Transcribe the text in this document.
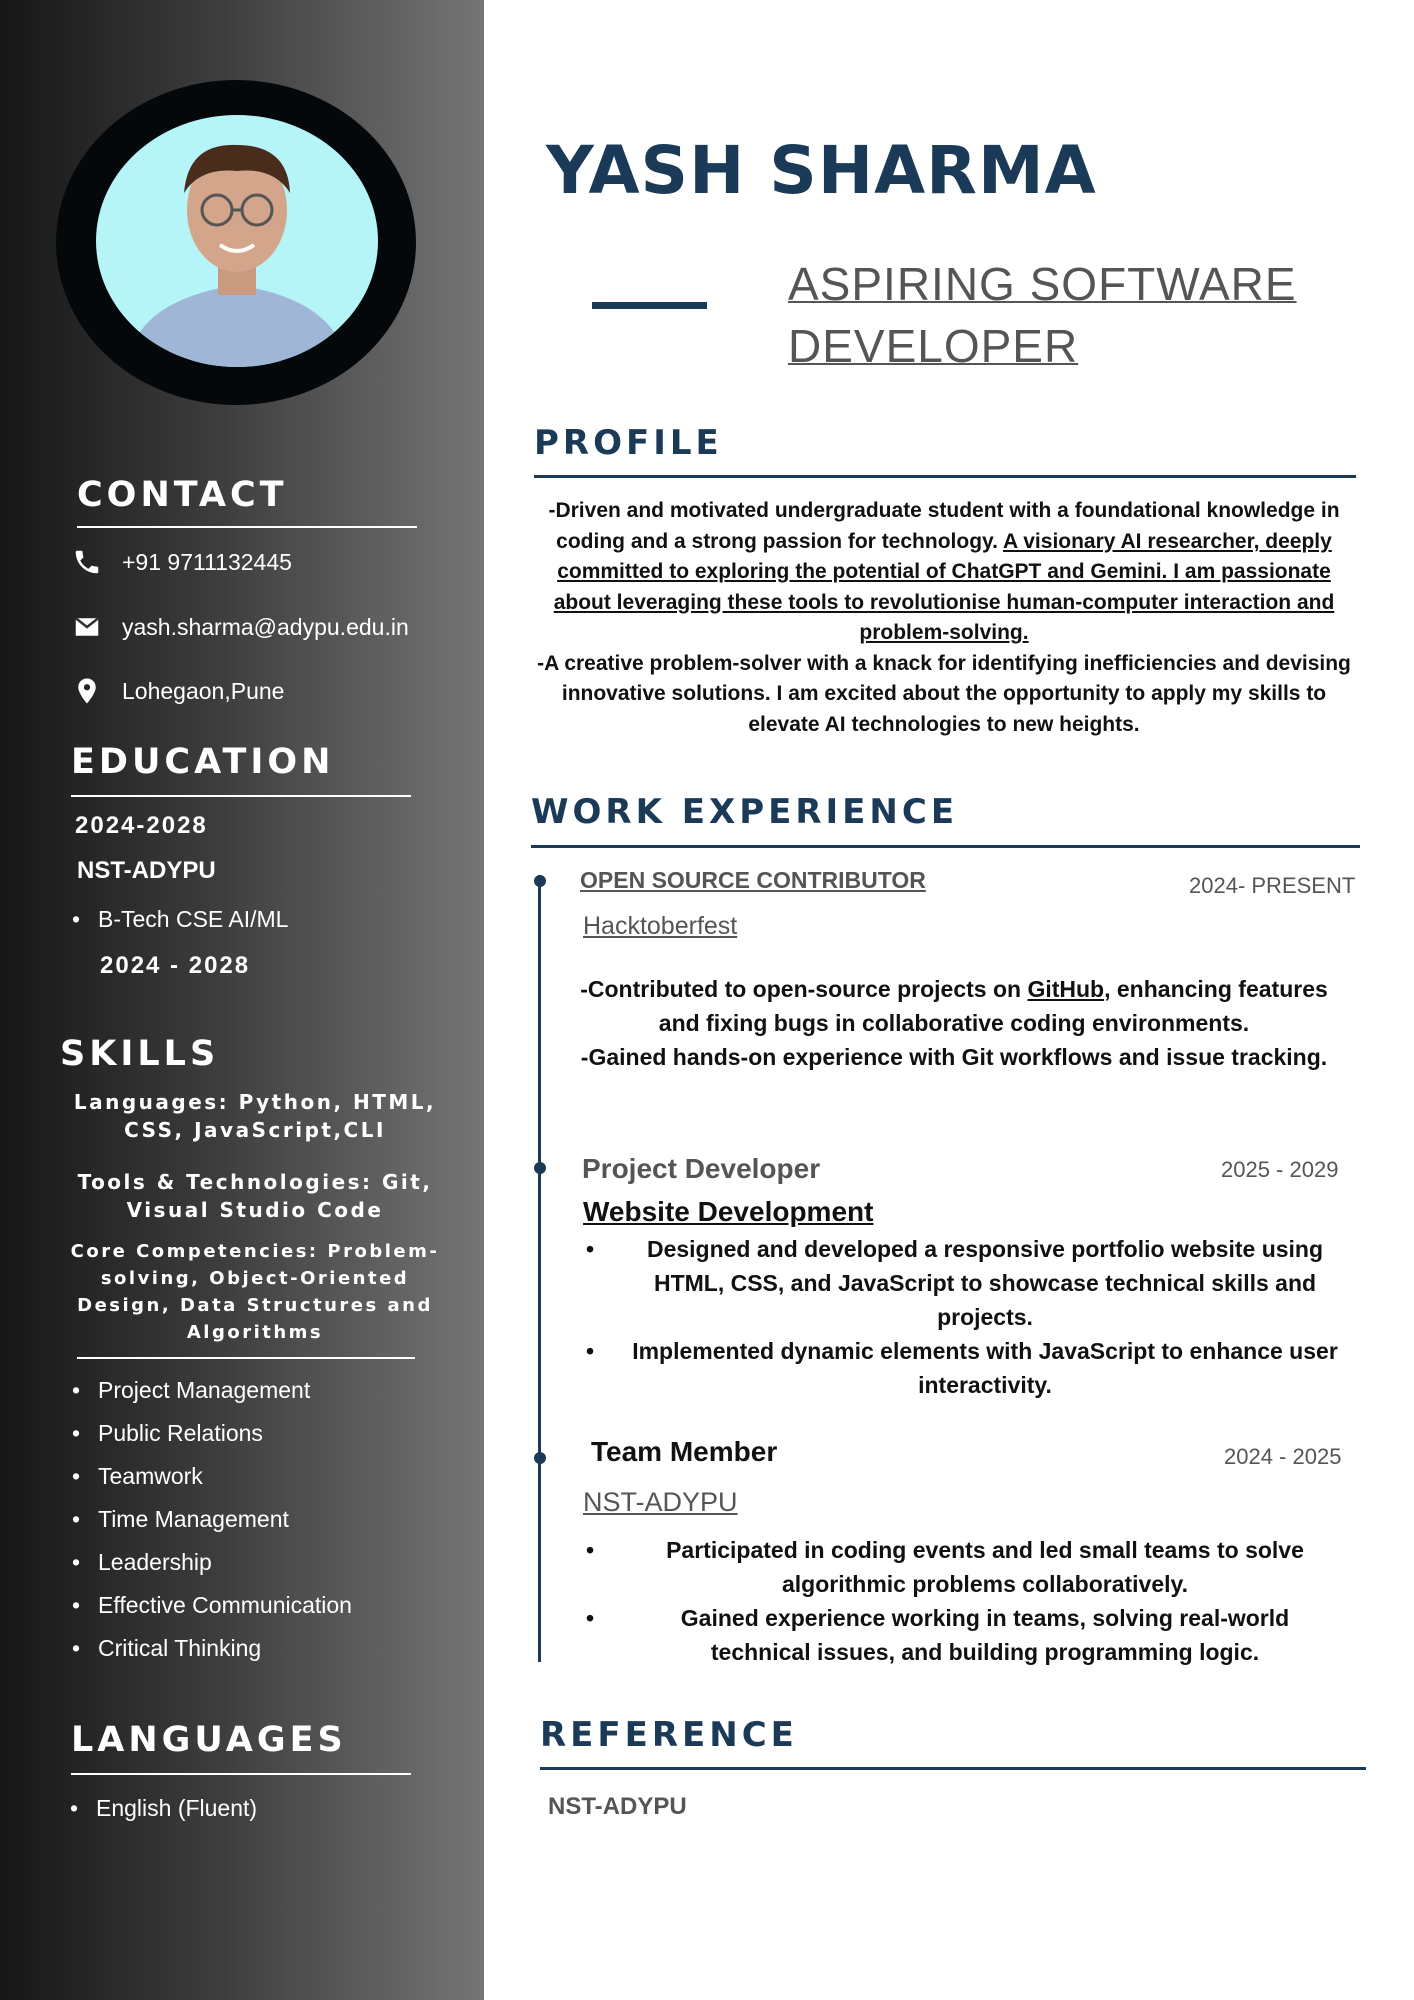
CONTACT
+91 9711132445
yash.sharma@adypu.edu.in
Lohegaon,Pune
EDUCATION
2024-2028
NST-ADYPU
• B-Tech CSE AI/ML
2024 - 2028
SKILLS
Languages: Python, HTML, CSS, JavaScript,CLI
Tools & Technologies: Git, Visual Studio Code
Core Competencies: Problem-solving, Object-Oriented Design, Data Structures and Algorithms
• Project Management
• Public Relations
• Teamwork
• Time Management
• Leadership
• Effective Communication
• Critical Thinking
LANGUAGES
• English (Fluent)
YASH SHARMA
ASPIRING SOFTWARE DEVELOPER
PROFILE
-Driven and motivated undergraduate student with a foundational knowledge in coding and a strong passion for technology. A visionary AI researcher, deeply committed to exploring the potential of ChatGPT and Gemini. I am passionate about leveraging these tools to revolutionise human-computer interaction and problem-solving.
-A creative problem-solver with a knack for identifying inefficiencies and devising innovative solutions. I am excited about the opportunity to apply my skills to elevate AI technologies to new heights.
WORK EXPERIENCE
OPEN SOURCE CONTRIBUTOR	2024- PRESENT
Hacktoberfest
-Contributed to open-source projects on GitHub, enhancing features and fixing bugs in collaborative coding environments.
-Gained hands-on experience with Git workflows and issue tracking.
Project Developer	2025 - 2029
Website Development
• Designed and developed a responsive portfolio website using HTML, CSS, and JavaScript to showcase technical skills and projects.
• Implemented dynamic elements with JavaScript to enhance user interactivity.
Team Member	2024 - 2025
NST-ADYPU
• Participated in coding events and led small teams to solve algorithmic problems collaboratively.
• Gained experience working in teams, solving real-world technical issues, and building programming logic.
REFERENCE
NST-ADYPU
